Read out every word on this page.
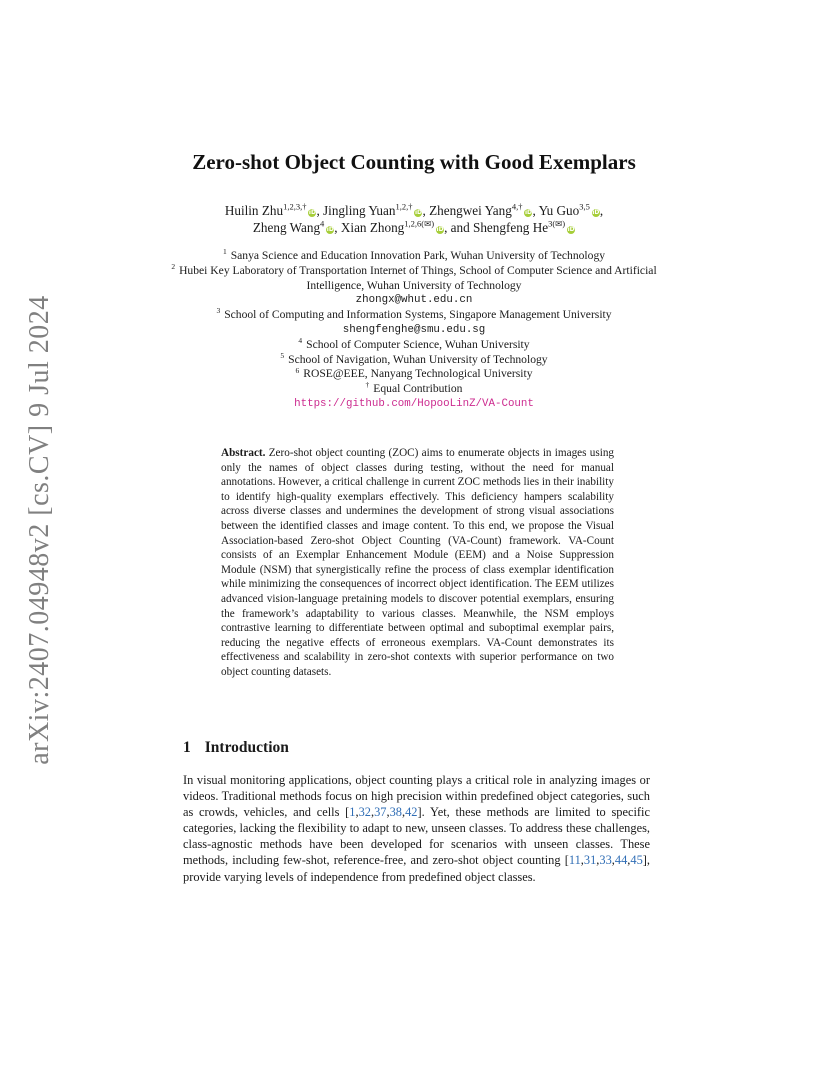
arXiv:2407.04948v2 [cs.CV] 9 Jul 2024
Zero-shot Object Counting with Good Exemplars
Huilin Zhu$^{1,2,3,\dagger}$iD, Jingling Yuan$^{1,2,\dagger}$iD, Zhengwei Yang$^{4,\dagger}$iD, Yu Guo$^{3,5}$iD,
Zheng Wang$^4$iD, Xian Zhong$^{1,2,6(✉)}$iD, and Shengfeng $He^{3(✉)}iD$
$^1$ Sanya Science and Education Innovation Park, Wuhan University of Technology
$^2$ Hubei Key Laboratory of Transportation Internet of Things, School of Computer Science and Artificial Intelligence, Wuhan University of Technology
zhongx@whut.edu.cn
$^3$ School of Computing and Information Systems, Singapore Management University
shengfenghe@smu.edu.sg
$^4$ School of Computer Science, Wuhan University
$^5$ School of Navigation, Wuhan University of Technology
$^6$ ROSE@EEE, Nanyang Technological University
† Equal Contribution
https://github.com/HopooLinZ/VA-Count
Abstract. Zero-shot object counting (ZOC) aims to enumerate objects in images using only the names of object classes during testing, without the need for manual annotations. However, a critical challenge in current ZOC methods lies in their inability to identify high-quality exemplars effectively. This deficiency hampers scalability across diverse classes and undermines the development of strong visual associations between the identified classes and image content. To this end, we propose the Visual Association-based Zero-shot Object Counting (VA-Count) framework. VA-Count consists of an Exemplar Enhancement Module (EEM) and a Noise Suppression Module (NSM) that synergistically refine the process of class exemplar identification while minimizing the consequences of incorrect object identification. The EEM utilizes advanced vision-language pretaining models to discover potential exemplars, ensuring the framework’s adaptability to various classes. Meanwhile, the NSM employs contrastive learning to differentiate between optimal and suboptimal exemplar pairs, reducing the negative effects of erroneous exemplars. VA-Count demonstrates its effectiveness and scalability in zero-shot contexts with superior performance on two object counting datasets.
1 Introduction
In visual monitoring applications, object counting plays a critical role in analyzing images or videos. Traditional methods focus on high precision within predefined object categories, such as crowds, vehicles, and cells [1,32,37,38,42]. Yet, these methods are limited to specific categories, lacking the flexibility to adapt to new, unseen classes. To address these challenges, class-agnostic methods have been developed for scenarios with unseen classes. These methods, including few-shot, reference-free, and zero-shot object counting [11,31,33,44,45], provide varying levels of independence from predefined object classes.
